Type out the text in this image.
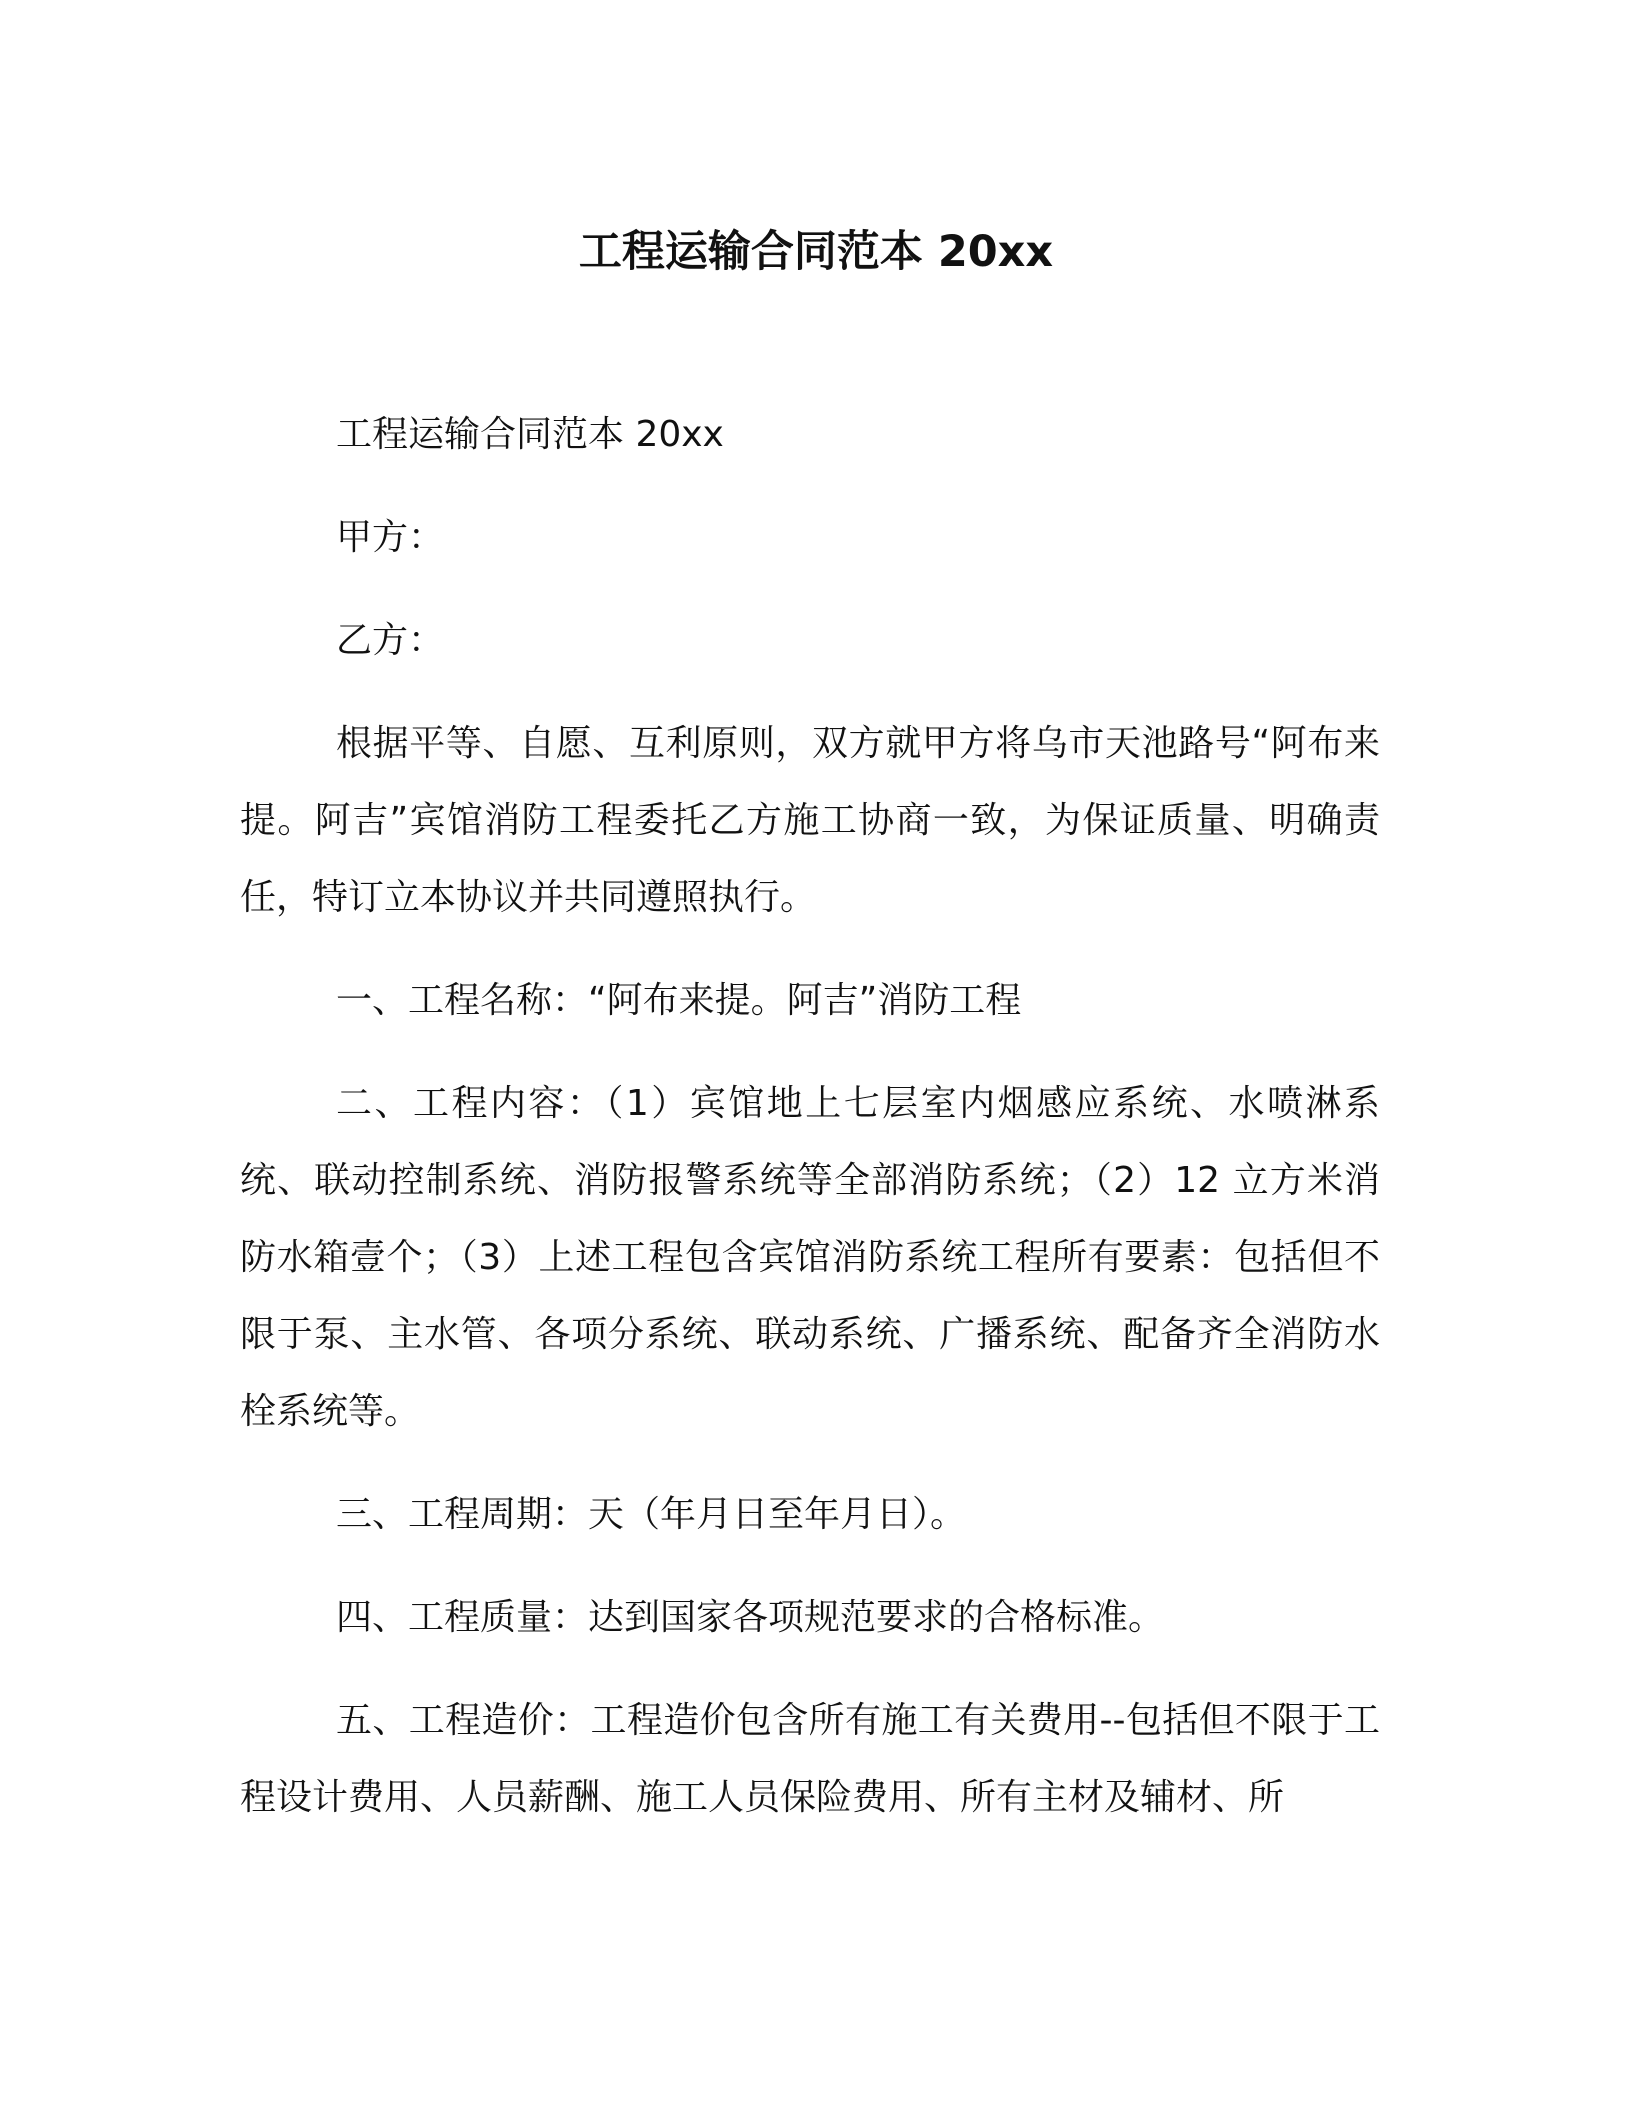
工程运输合同范本 20xx

工程运输合同范本 20xx

甲方：

乙方：

根据平等、自愿、互利原则，双方就甲方将乌市天池路号“阿布来提。阿吉”宾馆消防工程委托乙方施工协商一致，为保证质量、明确责任，特订立本协议并共同遵照执行。

一、工程名称：“阿布来提。阿吉”消防工程

二、工程内容：（1）宾馆地上七层室内烟感应系统、水喷淋系统、联动控制系统、消防报警系统等全部消防系统；（2）12 立方米消防水箱壹个；（3）上述工程包含宾馆消防系统工程所有要素：包括但不限于泵、主水管、各项分系统、联动系统、广播系统、配备齐全消防水栓系统等。

三、工程周期：天（年月日至年月日）。

四、工程质量：达到国家各项规范要求的合格标准。

五、工程造价：工程造价包含所有施工有关费用--包括但不限于工程设计费用、人员薪酬、施工人员保险费用、所有主材及辅材、所
